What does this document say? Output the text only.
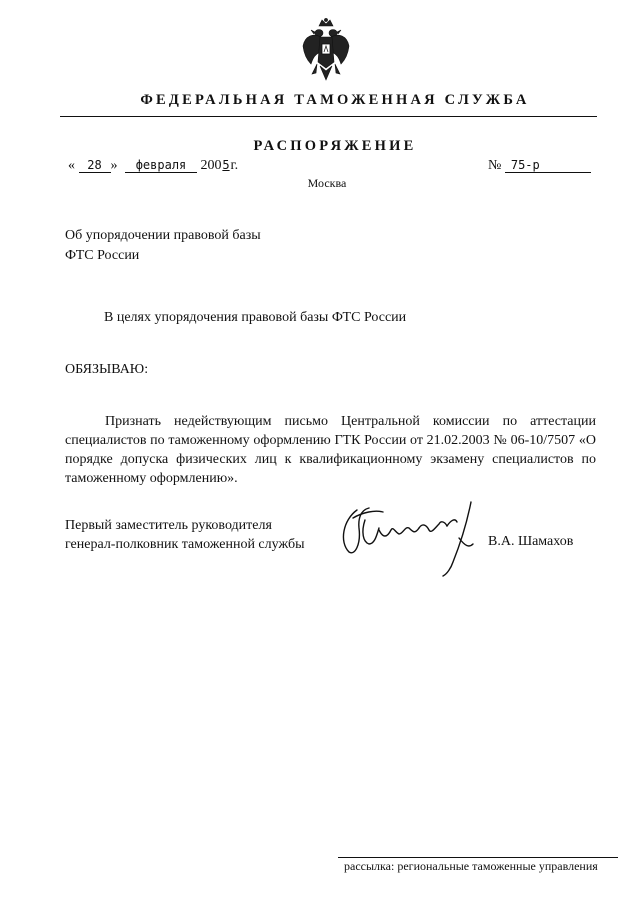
ФЕДЕРАЛЬНАЯ ТАМОЖЕННАЯ СЛУЖБА
РАСПОРЯЖЕНИЕ
« 28 » февраля 2005г.	№ 75-р
Москва
Об упорядочении правовой базы
ФТС России
В целях упорядочения правовой базы ФТС России
ОБЯЗЫВАЮ:
Признать недействующим письмо Центральной комиссии по аттестации специалистов по таможенному оформлению ГТК России от 21.02.2003 № 06-10/7507 «О порядке допуска физических лиц к квалификационному экзамену специалистов по таможенному оформлению».
Первый заместитель руководителя
генерал-полковник таможенной службы	В.А. Шамахов
рассылка: региональные таможенные управления
